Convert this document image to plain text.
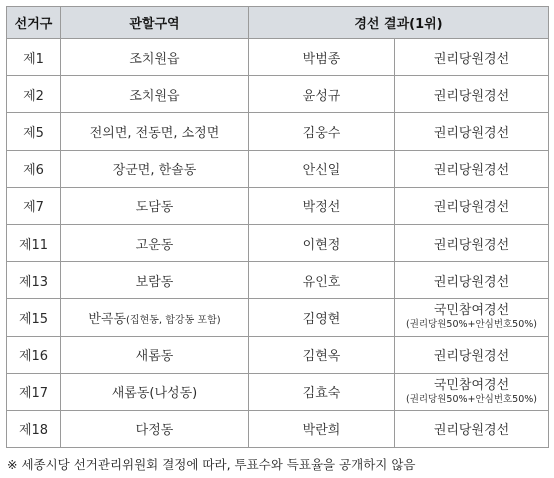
선거구	관할구역	경선 결과(1위)	
제1	조치원읍	박범종	권리당원경선
제2	조치원읍	윤성규	권리당원경선
제5	전의면, 전동면, 소정면	김웅수	권리당원경선
제6	장군면, 한솔동	안신일	권리당원경선
제7	도담동	박정선	권리당원경선
제11	고운동	이현정	권리당원경선
제13	보람동	유인호	권리당원경선
제15	반곡동(집현동, 합강동 포함)	김영현	국민참여경선
(권리당원50%+안심번호50%)

제16	새롬동	김현옥	권리당원경선
제17	새롬동(나성동)	김효숙	국민참여경선
(권리당원50%+안심번호50%)

제18	다정동	박란희	권리당원경선
※ 세종시당 선거관리위원회 결정에 따라, 투표수와 득표율을 공개하지 않음
